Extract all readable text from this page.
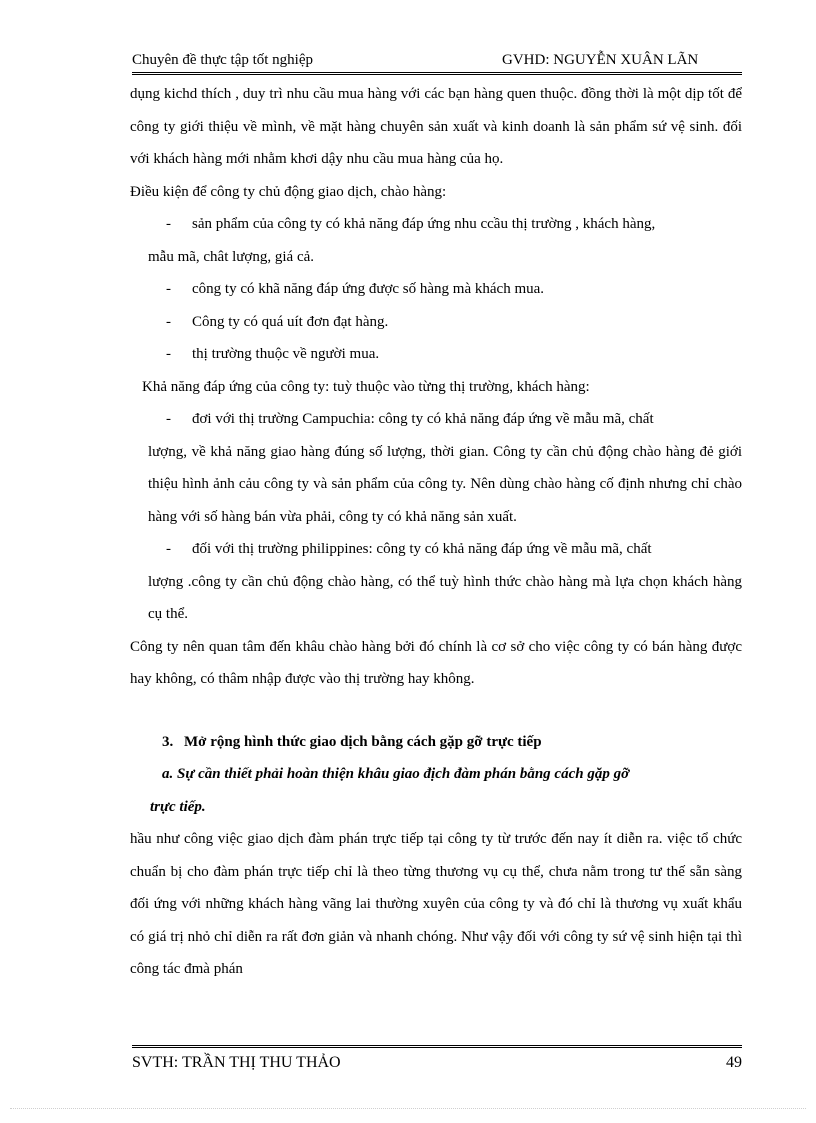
Chuyên đề thực tập tốt nghiệp	GVHD: NGUYỄN XUÂN LÃN
dụng kichd thích , duy trì nhu cầu mua hàng với các bạn hàng quen thuộc. đồng thời là một dịp tốt để công ty giới thiệu về mình, về mặt hàng chuyên sản xuất và kinh doanh là sản phẩm sứ vệ sinh. đối với khách hàng mới nhằm khơi dậy nhu cầu mua hàng của họ.
Điều kiện để công ty chủ động giao dịch, chào hàng:
- sản phẩm của công ty có khả năng đáp ứng nhu ccầu thị trường , khách hàng,
mẫu mã, chât lượng, giá cả.
- công ty có khã năng đáp ứng được số hàng mà khách mua.
- Công ty có quá uít đơn đạt hàng.
- thị trường thuộc về người mua.
Khả năng đáp ứng của công ty: tuỳ thuộc vào từng thị trường, khách hàng:
- đơi với thị trường Campuchia: công ty có khả năng đáp ứng về mẫu mã, chất
lượng, về khả năng giao hàng đúng số lượng, thời gian. Công ty cần chủ động chào hàng đẻ giới thiệu hình ảnh cảu công ty và sản phẩm của công ty. Nên dùng chào hàng cố định nhưng chỉ chào hàng với số hàng bán vừa phải, công ty có khả năng sản xuất.
- đối với thị trường philippines: công ty có khả năng đáp ứng về mẫu mã, chất
lượng .công ty cần chủ động chào hàng, có thể tuỳ hình thức chào hàng mà lựa chọn khách hàng cụ thể.
Công ty nên quan tâm đến khâu chào hàng bởi đó chính là cơ sở cho việc công ty có bán hàng được hay không, có thâm nhập được vào thị trường hay không.
3. Mở rộng hình thức giao dịch bằng cách gặp gỡ trực tiếp
a. Sự cần thiết phải hoàn thiện khâu giao địch đàm phán bằng cách gặp gỡ
trực tiếp.
hầu như công việc giao dịch đàm phán trực tiếp tại công ty từ trước đến nay ít diễn ra. việc tổ chức chuẩn bị cho đàm phán trực tiếp chỉ là theo từng thương vụ cụ thể, chưa nằm trong tư thế sẵn sàng đối ứng với những khách hàng vãng lai thường xuyên của công ty và đó chỉ là thương vụ xuất khẩu có giá trị nhỏ chỉ diễn ra rất đơn giản và nhanh chóng. Như vậy đối với công ty sứ vệ sinh hiện tại thì công tác đmà phán
SVTH: TRẦN THỊ THU THẢO	49
